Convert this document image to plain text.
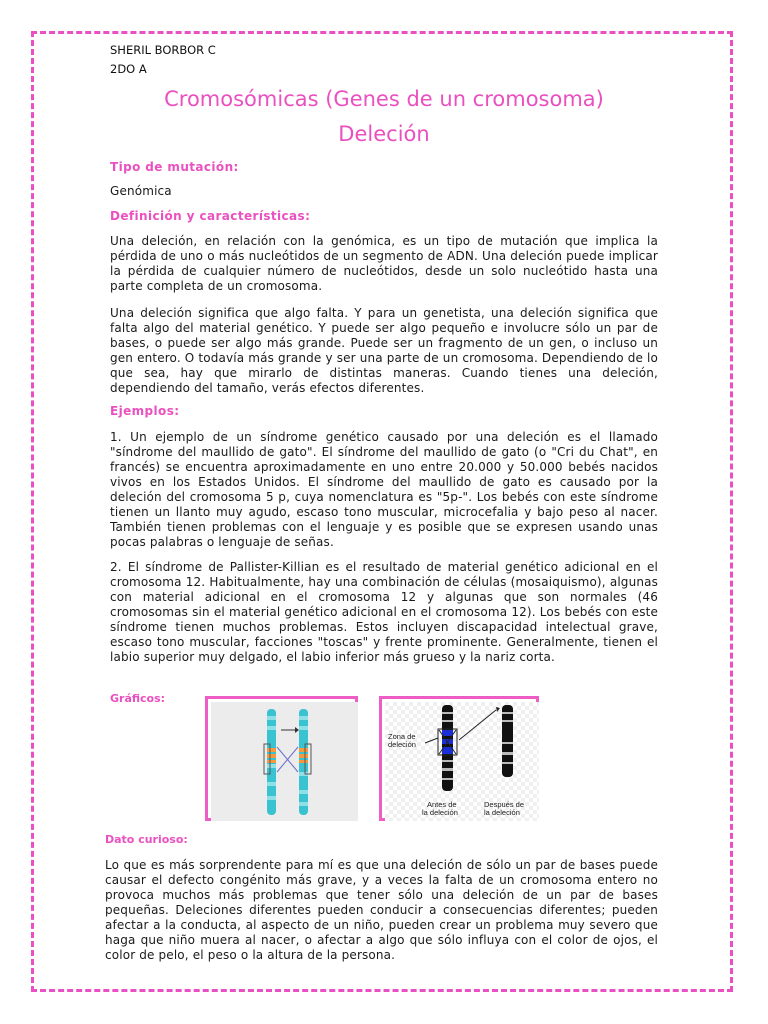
SHERIL BORBOR C
2DO A
Cromosómicas (Genes de un cromosoma)
Deleción
Tipo de mutación:
Genómica
Definición y características:

Una deleción, en relación con la genómica, es un tipo de mutación que implica la pérdida de uno o más nucleótidos de un segmento de ADN. Una deleción puede implicar la pérdida de cualquier número de nucleótidos, desde un solo nucleótido hasta una parte completa de un cromosoma.

Una deleción significa que algo falta. Y para un genetista, una deleción significa que falta algo del material genético. Y puede ser algo pequeño e involucre sólo un par de bases, o puede ser algo más grande. Puede ser un fragmento de un gen, o incluso un gen entero. O todavía más grande y ser una parte de un cromosoma. Dependiendo de lo que sea, hay que mirarlo de distintas maneras. Cuando tienes una deleción, dependiendo del tamaño, verás efectos diferentes.

Ejemplos:

1. Un ejemplo de un síndrome genético causado por una deleción es el llamado "síndrome del maullido de gato". El síndrome del maullido de gato (o "Cri du Chat", en francés) se encuentra aproximadamente en uno entre 20.000 y 50.000 bebés nacidos vivos en los Estados Unidos. El síndrome del maullido de gato es causado por la deleción del cromosoma 5 p, cuya nomenclatura es "5p-". Los bebés con este síndrome tienen un llanto muy agudo, escaso tono muscular, microcefalia y bajo peso al nacer. También tienen problemas con el lenguaje y es posible que se expresen usando unas pocas palabras o lenguaje de señas.

2. El síndrome de Pallister-Killian es el resultado de material genético adicional en el cromosoma 12. Habitualmente, hay una combinación de células (mosaiquismo), algunas con material adicional en el cromosoma 12 y algunas que son normales (46 cromosomas sin el material genético adicional en el cromosoma 12). Los bebés con este síndrome tienen muchos problemas. Estos incluyen discapacidad intelectual grave, escaso tono muscular, facciones "toscas" y frente prominente. Generalmente, tienen el labio superior muy delgado, el labio inferior más grueso y la nariz corta.

Gráficos:
Zona de
deleción
Antes de
la deleción
Después de
la deleción
Dato curioso:

Lo que es más sorprendente para mí es que una deleción de sólo un par de bases puede causar el defecto congénito más grave, y a veces la falta de un cromosoma entero no provoca muchos más problemas que tener sólo una deleción de un par de bases pequeñas. Deleciones diferentes pueden conducir a consecuencias diferentes; pueden afectar a la conducta, al aspecto de un niño, pueden crear un problema muy severo que haga que niño muera al nacer, o afectar a algo que sólo influya con el color de ojos, el color de pelo, el peso o la altura de la persona.
